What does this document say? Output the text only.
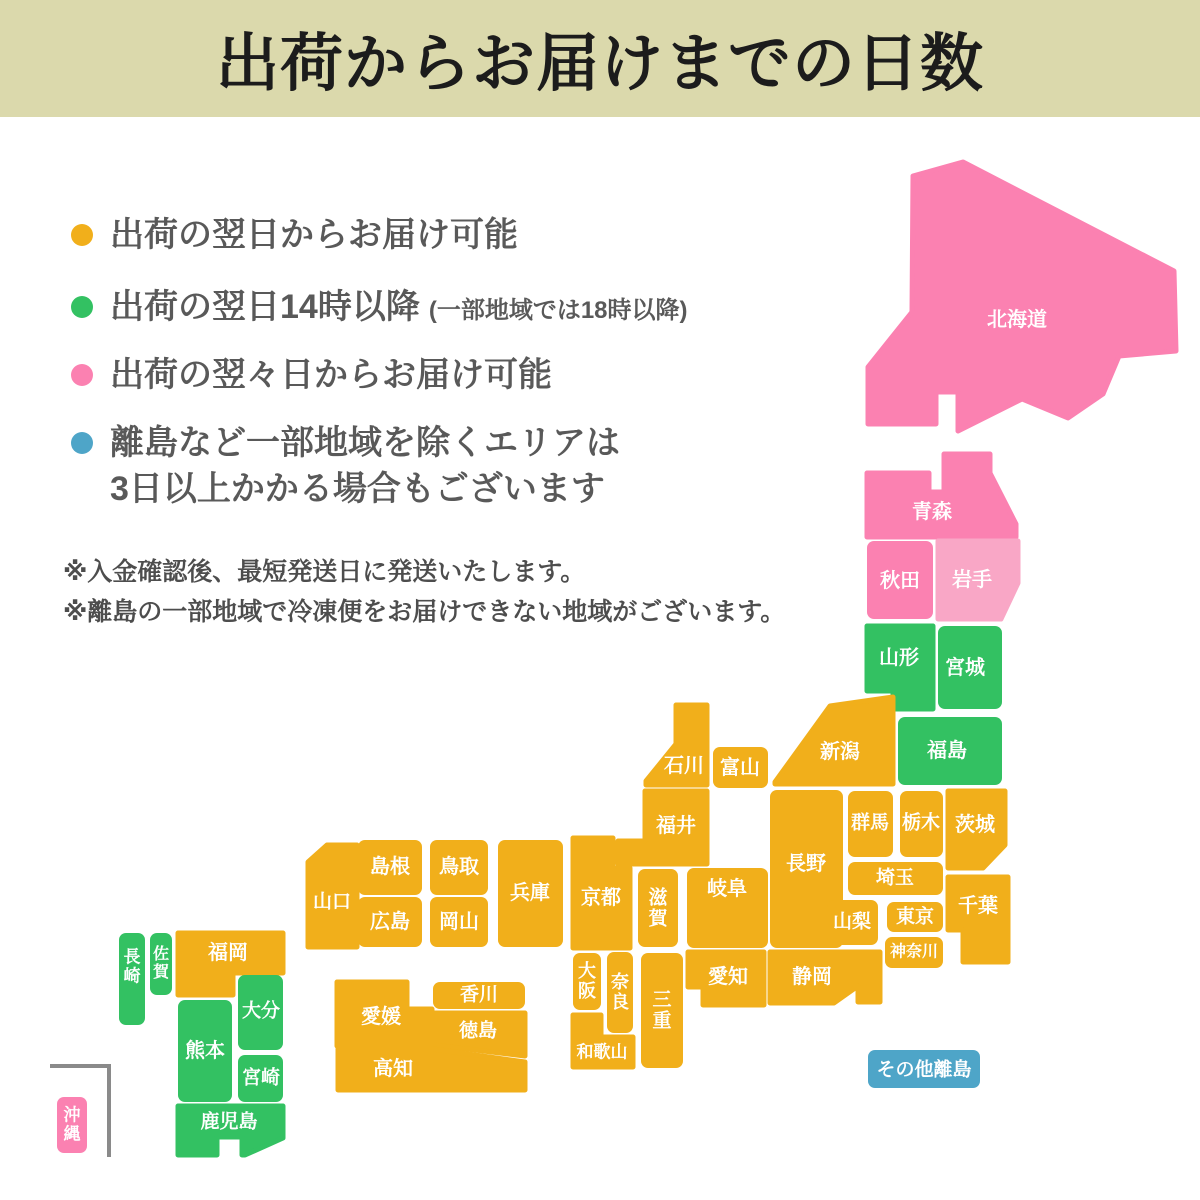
北海道
青森
秋田 岩手
山形 宮城
福島
新潟
富山
石川
福井
長野
岐阜
群馬 栃木 茨城
埼玉
千葉
東京
神奈川
山梨
静岡
愛知
滋賀
京都
大阪 奈良
和歌山
三重
兵庫
鳥取
島根
岡山
広島
山口
香川
徳島
愛媛
高知
福岡
佐賀
長崎
大分
熊本
宮崎
鹿児島
沖縄
その他離島
出荷からお届けまでの日数
出荷の翌日からお届け可能
出荷の翌日14時以降 (一部地域では18時以降)
出荷の翌々日からお届け可能
離島など一部地域を除くエリアは
3日以上かかる場合もございます
※入金確認後、最短発送日に発送いたします。
※離島の一部地域で冷凍便をお届けできない地域がございます。
